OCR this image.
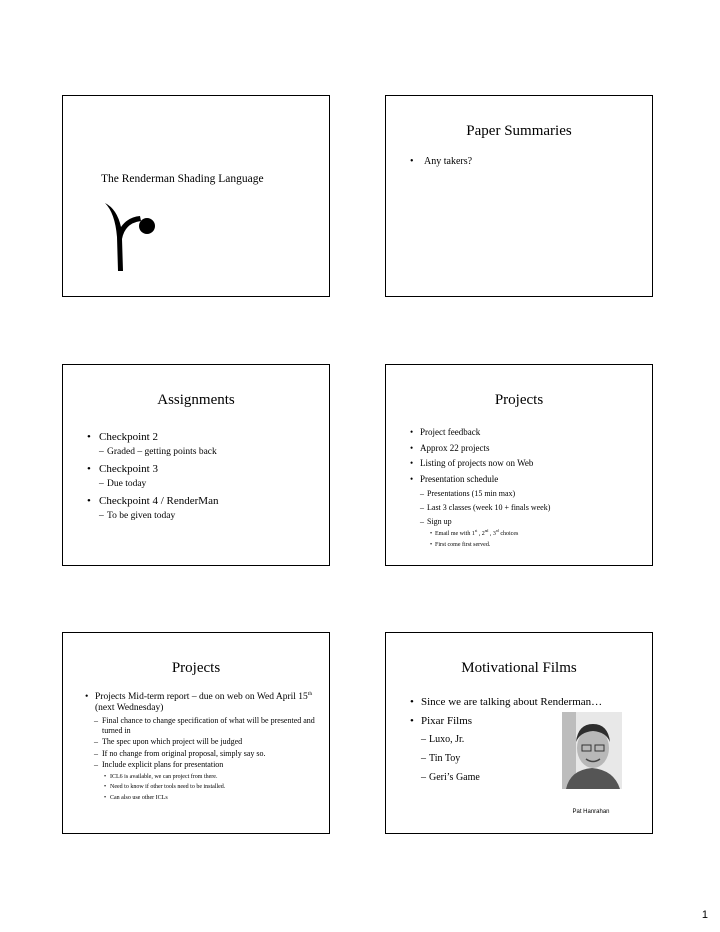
The Renderman Shading Language
Paper Summaries
• Any takers?
Assignments
• Checkpoint 2
– Graded – getting points back
• Checkpoint 3
– Due today
• Checkpoint 4 / RenderMan
– To be given today
Projects
• Project feedback
• Approx 22 projects
• Listing of projects now on Web
• Presentation schedule
– Presentations (15 min max)
– Last 3 classes (week 10 + finals week)
– Sign up
• Email me with 1st , 2nd , 3rd choices
• First come first served.
Projects
• Projects Mid-term report – due on web on Wed April 15th (next Wednesday)
– Final chance to change specification of what will be presented and turned in
– The spec upon which project will be judged
– If no change from original proposal, simply say so.
– Include explicit plans for presentation
• ICL6 is available, we can project from there.
• Need to know if other tools need to be installed.
• Can also use other ICLs
Motivational Films
• Since we are talking about Renderman…
• Pixar Films
– Luxo, Jr.
– Tin Toy
– Geri’s Game
Pat Hanrahan
1
